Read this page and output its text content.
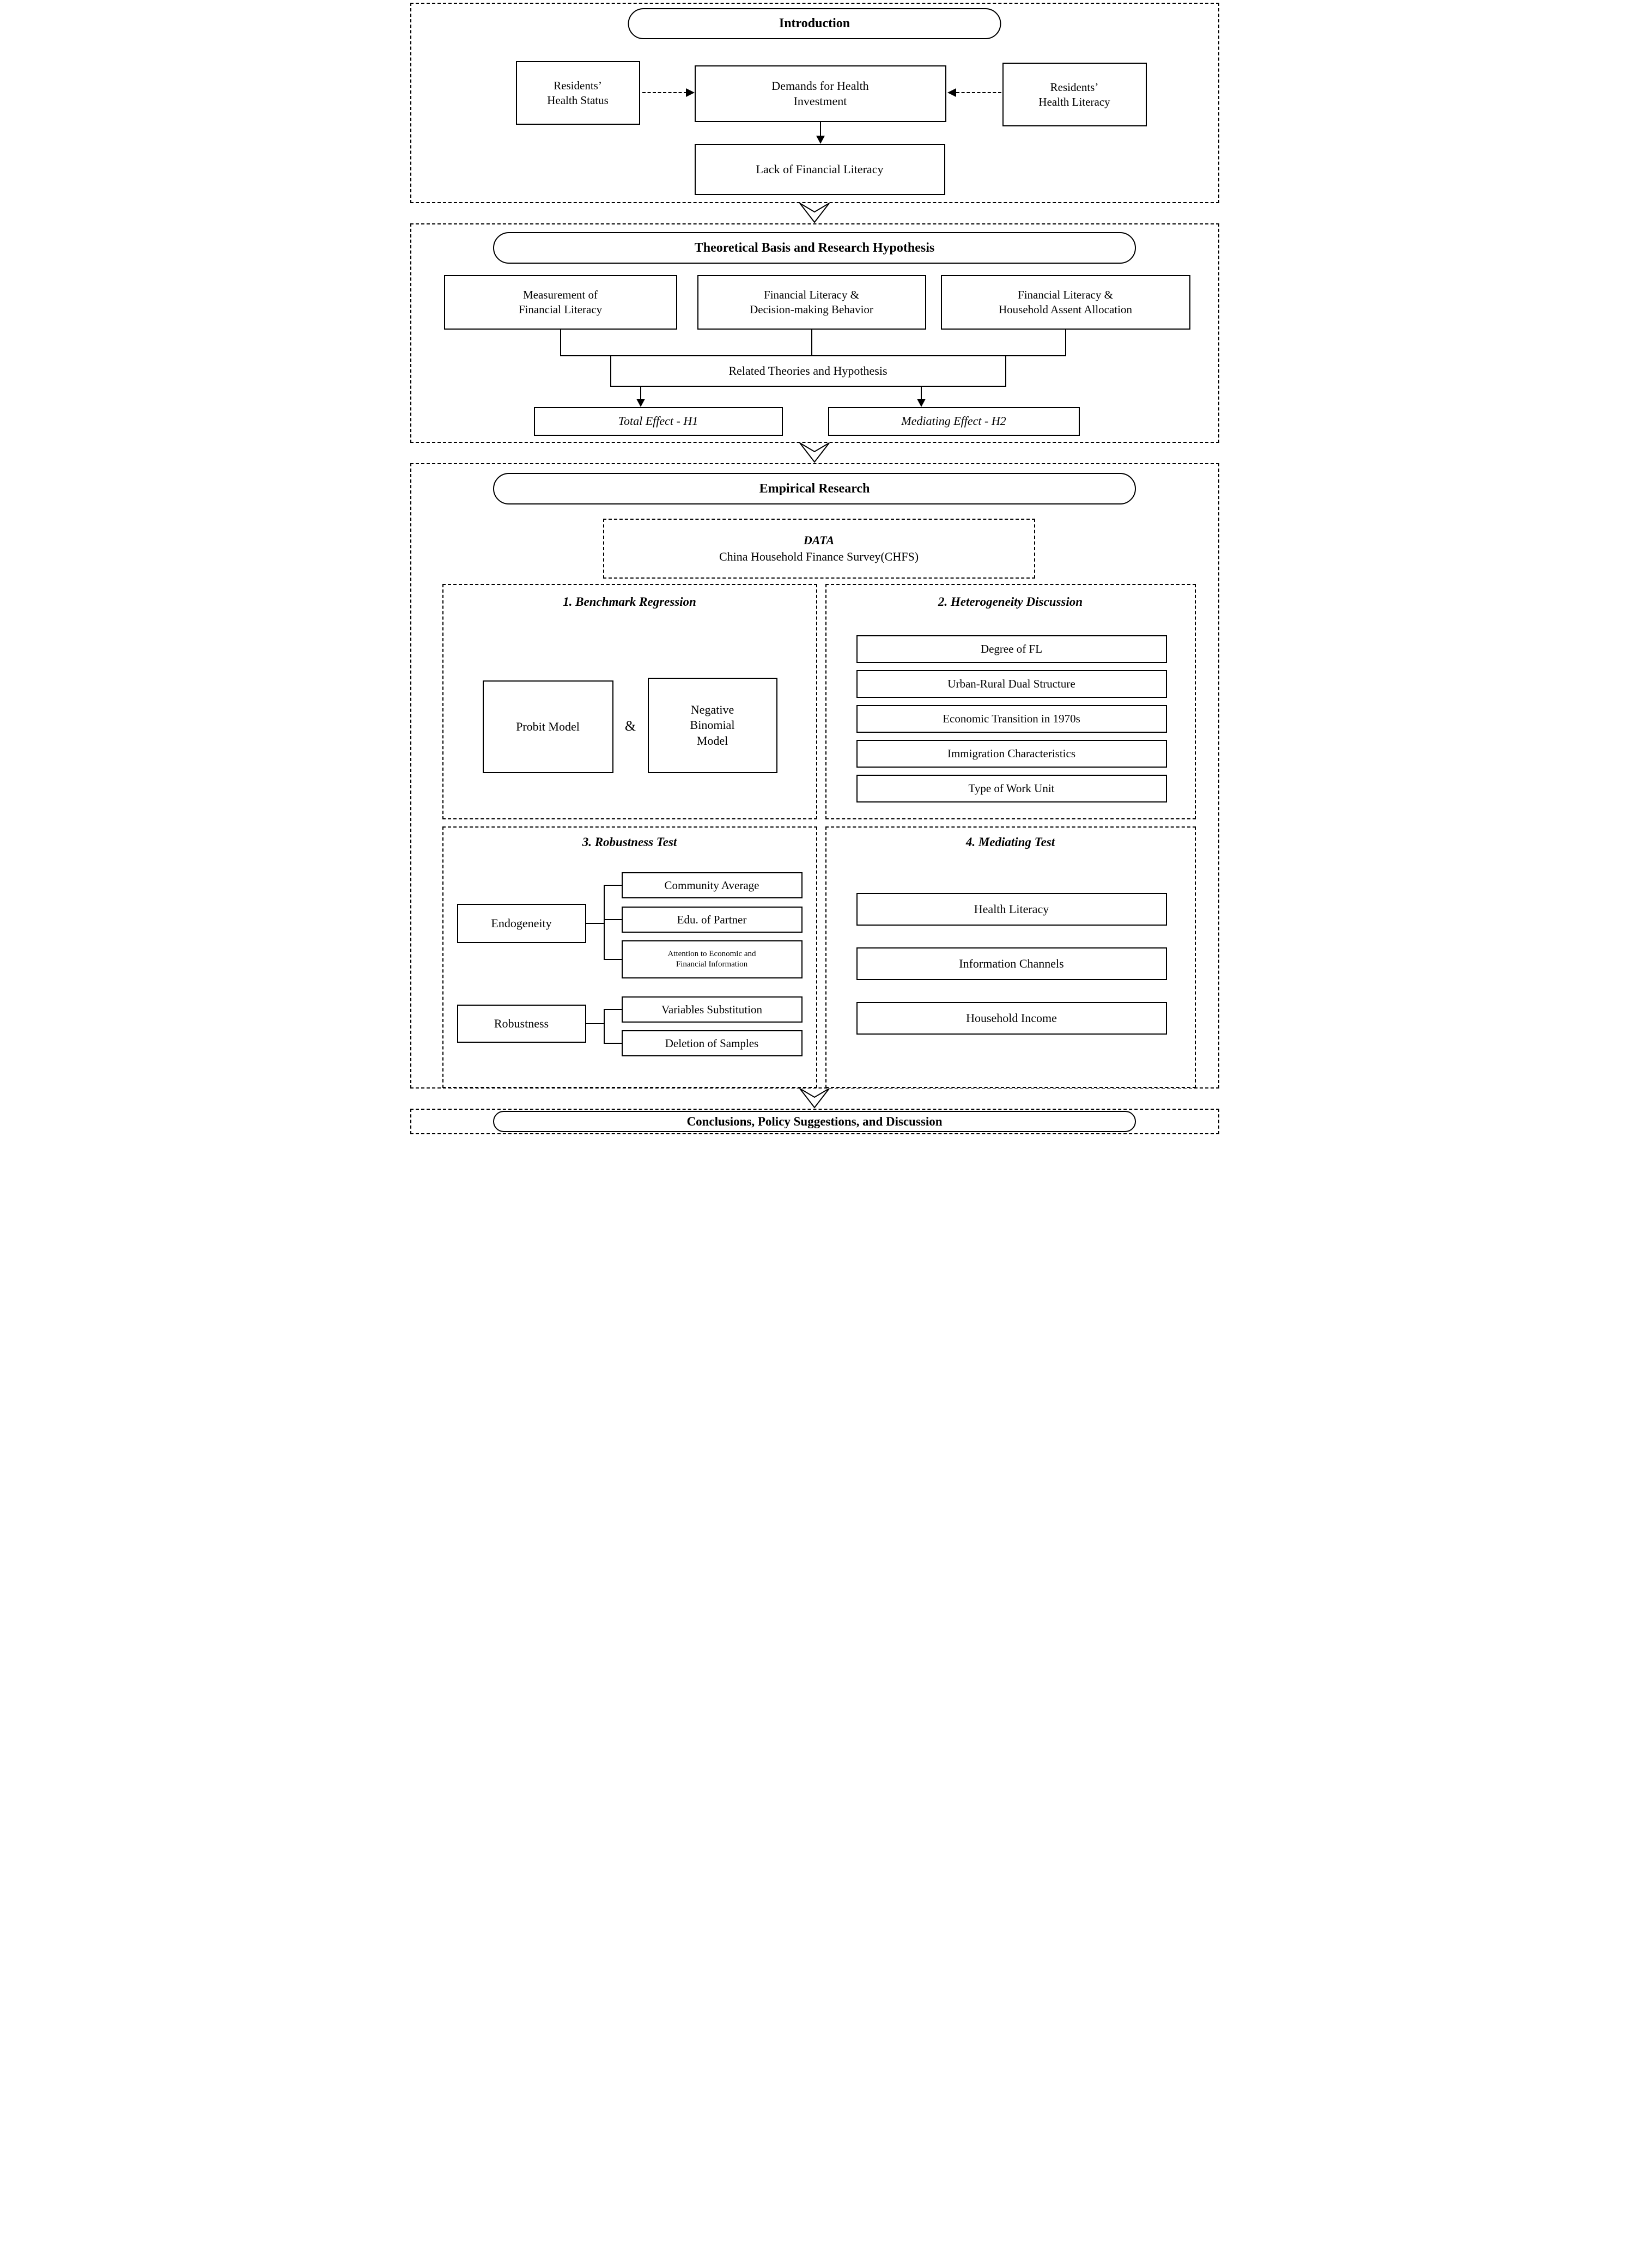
Introduction
Residents’
Health Status
Demands for Health
Investment
Residents’
Health Literacy
Lack of Financial Literacy
Theoretical Basis and Research Hypothesis
Measurement of
Financial Literacy
Financial Literacy &
Decision-making Behavior
Financial Literacy &
Household Assent Allocation
Related Theories and Hypothesis
Total Effect - H1	Mediating Effect - H2
Empirical Research
DATA
China Household Finance Survey(CHFS)
1. Benchmark Regression
Probit Model	&
Negative
Binomial
Model
2. Heterogeneity Discussion
Degree of FL
Urban-Rural Dual Structure
Economic Transition in 1970s
Immigration Characteristics
Type of Work Unit
3. Robustness Test
Endogeneity
Community Average
Edu. of Partner
Attention to Economic and
Financial Information
Robustness
Variables Substitution
Deletion of Samples
4. Mediating Test
Health Literacy
Information Channels
Household Income
Conclusions, Policy Suggestions, and Discussion
